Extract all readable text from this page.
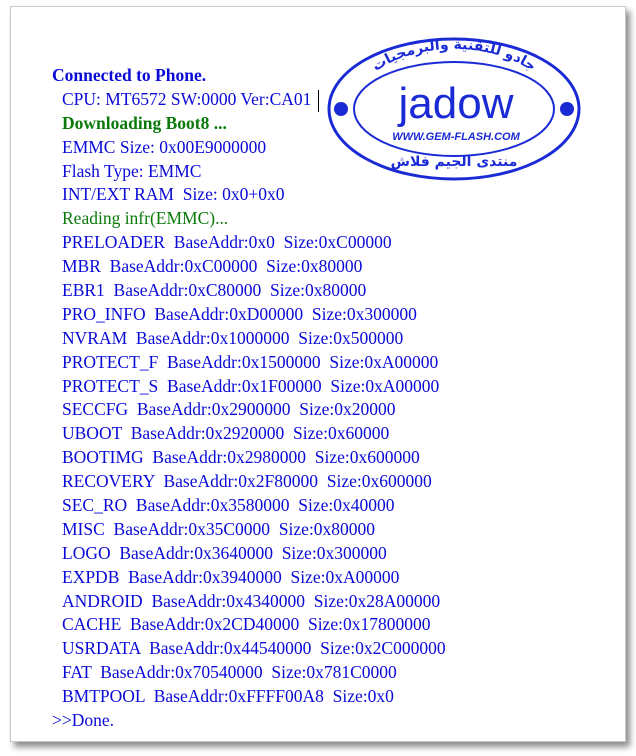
Connected to Phone.
CPU: MT6572 SW:0000 Ver:CA01
Downloading Boot8 ...
EMMC Size: 0x00E9000000
Flash Type: EMMC
INT/EXT RAM  Size: 0x0+0x0
Reading infr(EMMC)...
PRELOADER  BaseAddr:0x0  Size:0xC00000
MBR  BaseAddr:0xC00000  Size:0x80000
EBR1  BaseAddr:0xC80000  Size:0x80000
PRO_INFO  BaseAddr:0xD00000  Size:0x300000
NVRAM  BaseAddr:0x1000000  Size:0x500000
PROTECT_F  BaseAddr:0x1500000  Size:0xA00000
PROTECT_S  BaseAddr:0x1F00000  Size:0xA00000
SECCFG  BaseAddr:0x2900000  Size:0x20000
UBOOT  BaseAddr:0x2920000  Size:0x60000
BOOTIMG  BaseAddr:0x2980000  Size:0x600000
RECOVERY  BaseAddr:0x2F80000  Size:0x600000
SEC_RO  BaseAddr:0x3580000  Size:0x40000
MISC  BaseAddr:0x35C0000  Size:0x80000
LOGO  BaseAddr:0x3640000  Size:0x300000
EXPDB  BaseAddr:0x3940000  Size:0xA00000
ANDROID  BaseAddr:0x4340000  Size:0x28A00000
CACHE  BaseAddr:0x2CD40000  Size:0x17800000
USRDATA  BaseAddr:0x44540000  Size:0x2C000000
FAT  BaseAddr:0x70540000  Size:0x781C0000
BMTPOOL  BaseAddr:0xFFFF00A8  Size:0x0
>>Done.
جادو للتقنية والبرمجيات
jadow
WWW.GEM-FLASH.COM
منتدى الجيم فلاش
